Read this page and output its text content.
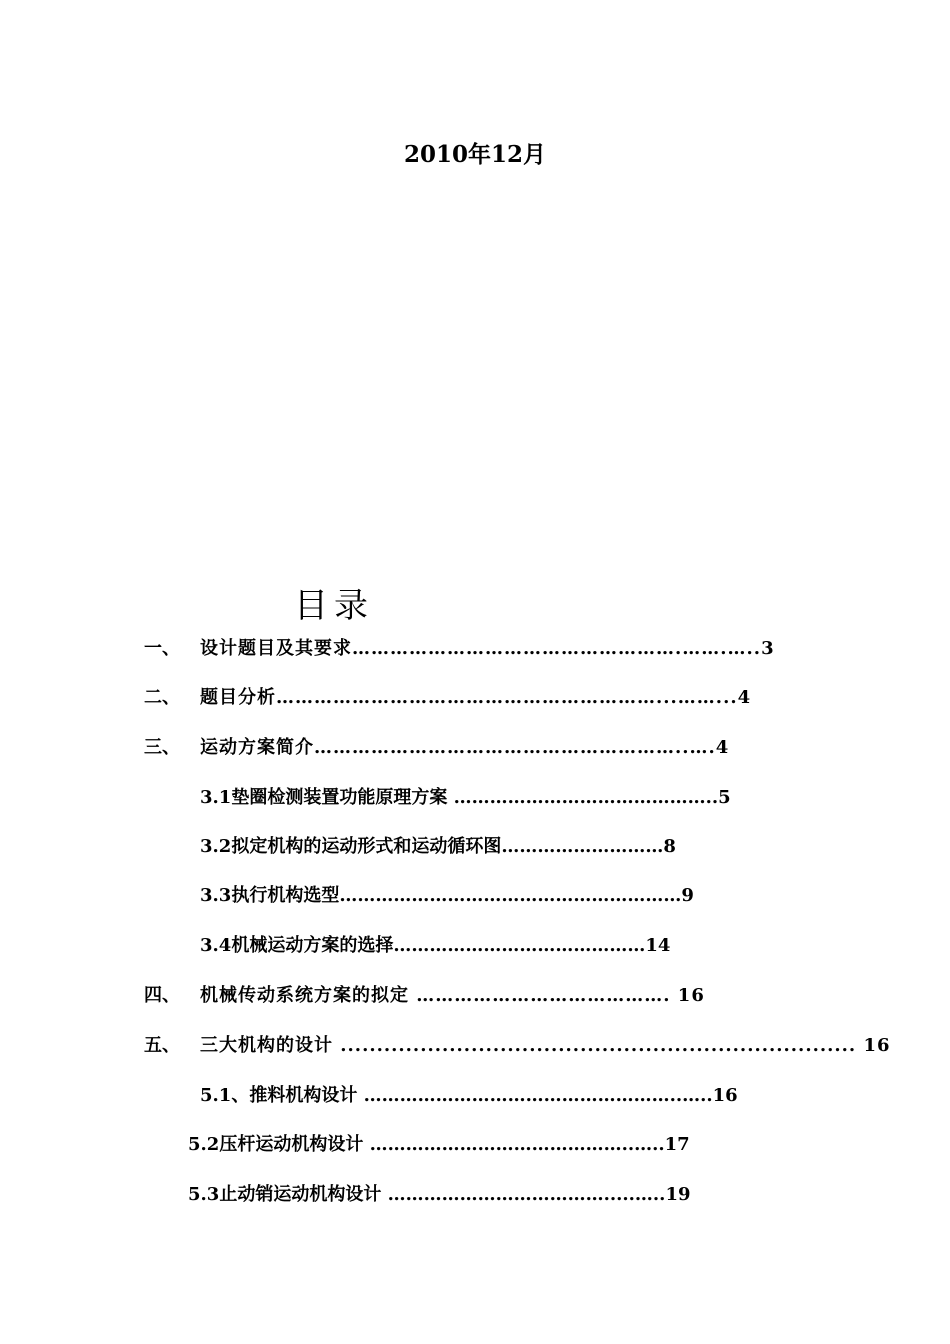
2010年12月
目录
一、 设计题目及其要求…………………………………………….…….…..3
二、 题目分析……………………………………………………...……...4
三、 运动方案简介…………………………………………………..….4
3.1垫圈检测装置功能原理方案 ……………………………………..5
3.2拟定机构的运动形式和运动循环图………………………8
3.3执行机构选型…………………………………………………9
3.4机械运动方案的选择……………………………………14
四、 机械传动系统方案的拟定 …………………………………. 16
五、 三大机构的设计 ....................................................................... 16
5.1、推料机构设计 ……………………………………………..…..16
5.2压杆运动机构设计 ……………………………………..…..17
5.3止动销运动机构设计 ……………………………….....…..19
